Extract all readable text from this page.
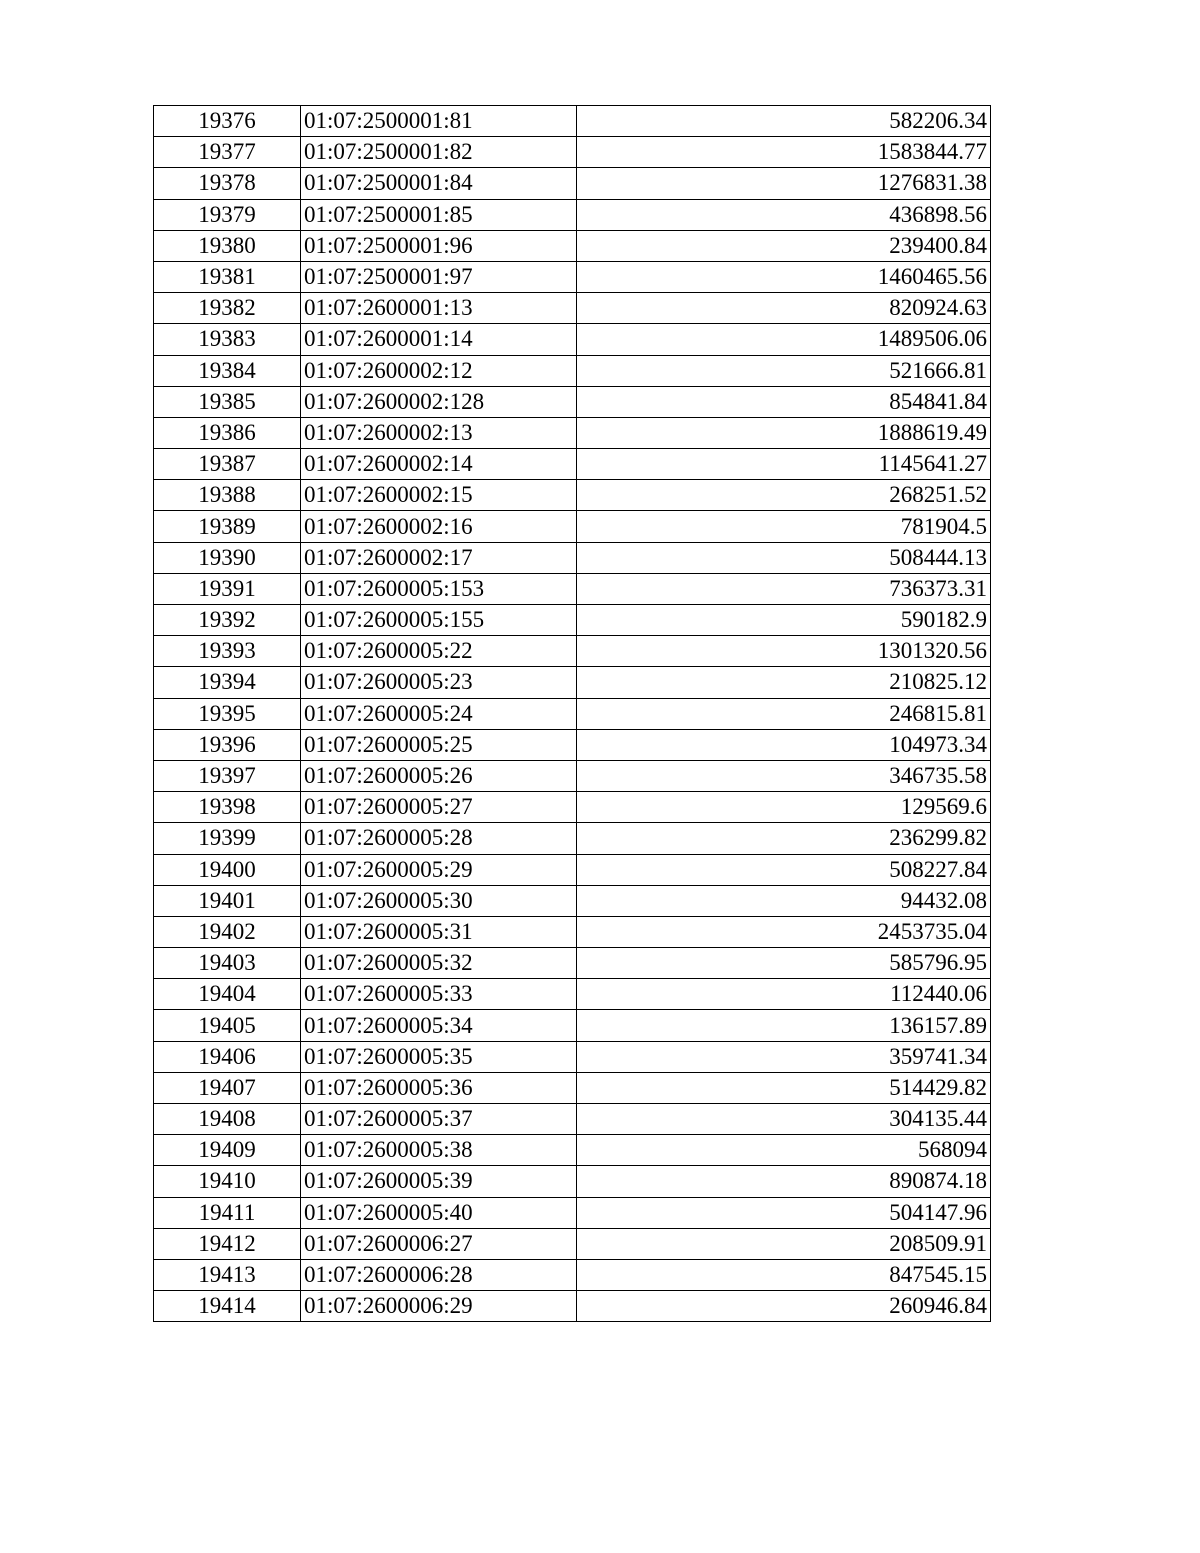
19376	01:07:2500001:81	582206.34
19377	01:07:2500001:82	1583844.77
19378	01:07:2500001:84	1276831.38
19379	01:07:2500001:85	436898.56
19380	01:07:2500001:96	239400.84
19381	01:07:2500001:97	1460465.56
19382	01:07:2600001:13	820924.63
19383	01:07:2600001:14	1489506.06
19384	01:07:2600002:12	521666.81
19385	01:07:2600002:128	854841.84
19386	01:07:2600002:13	1888619.49
19387	01:07:2600002:14	1145641.27
19388	01:07:2600002:15	268251.52
19389	01:07:2600002:16	781904.5
19390	01:07:2600002:17	508444.13
19391	01:07:2600005:153	736373.31
19392	01:07:2600005:155	590182.9
19393	01:07:2600005:22	1301320.56
19394	01:07:2600005:23	210825.12
19395	01:07:2600005:24	246815.81
19396	01:07:2600005:25	104973.34
19397	01:07:2600005:26	346735.58
19398	01:07:2600005:27	129569.6
19399	01:07:2600005:28	236299.82
19400	01:07:2600005:29	508227.84
19401	01:07:2600005:30	94432.08
19402	01:07:2600005:31	2453735.04
19403	01:07:2600005:32	585796.95
19404	01:07:2600005:33	112440.06
19405	01:07:2600005:34	136157.89
19406	01:07:2600005:35	359741.34
19407	01:07:2600005:36	514429.82
19408	01:07:2600005:37	304135.44
19409	01:07:2600005:38	568094
19410	01:07:2600005:39	890874.18
19411	01:07:2600005:40	504147.96
19412	01:07:2600006:27	208509.91
19413	01:07:2600006:28	847545.15
19414	01:07:2600006:29	260946.84
